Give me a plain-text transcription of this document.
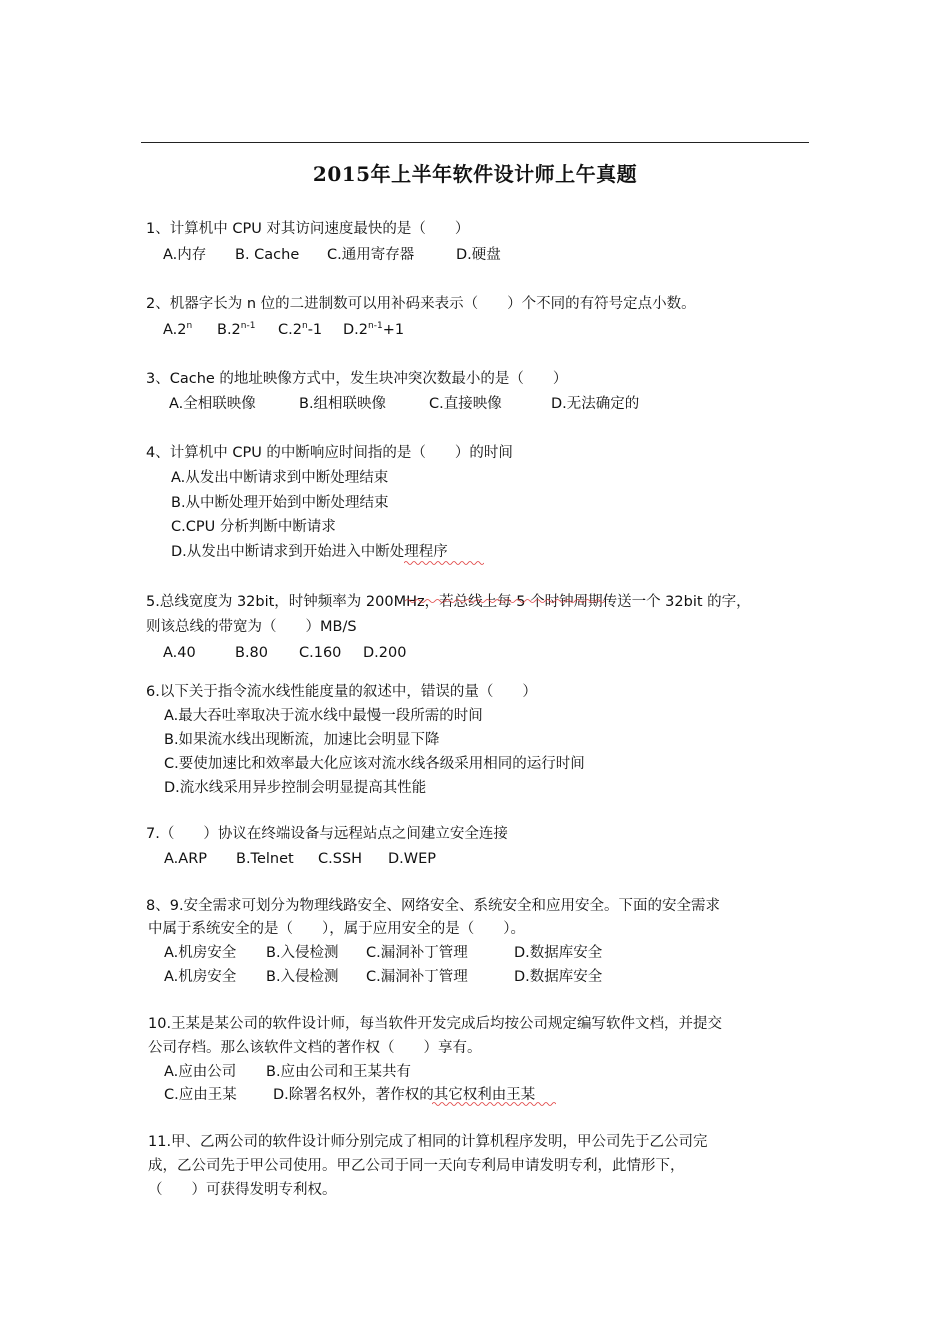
2015年上半年软件设计师上午真题
1、计算机中 CPU 对其访问速度最快的是（　　）
A.内存 B. Cache C.通用寄存器	D.硬盘
2、机器字长为 n 位的二进制数可以用补码来表示（　　）个不同的有符号定点小数。
A.2$^n$ B.2$^{n-1}$ C.2$^n$-1 $D.2^{n-1}+1$
3、Cache 的地址映像方式中，发生块冲突次数最小的是（　　）
A.全相联映像	B.组相联映像	C.直接映像	D.无法确定的
4、计算机中 CPU 的中断响应时间指的是（　　）的时间
A.从发出中断请求到中断处理结束
B.从中断处理开始到中断处理结束
C.CPU 分析判断中断请求
D.从发出中断请求到开始进入中断处理程序
5.总线宽度为 32bit，时钟频率为 200MHz，若总线上每 5 个时钟周期传送一个 32bit 的字，
则该总线的带宽为（　　）MB/S
A.40	B.80 C.160 D.200
6.以下关于指令流水线性能度量的叙述中，错误的量（　　）
A.最大吞吐率取决于流水线中最慢一段所需的时间
B.如果流水线出现断流，加速比会明显下降
C.要使加速比和效率最大化应该对流水线各级采用相同的运行时间
D.流水线采用异步控制会明显提高其性能
7.（　　）协议在终端设备与远程站点之间建立安全连接
A.ARP B.Telnet C.SSH D.WEP
8、9.安全需求可划分为物理线路安全、网络安全、系统安全和应用安全。下面的安全需求
中属于系统安全的是（　　），属于应用安全的是（　　）。
A.机房安全 B.入侵检测 C.漏洞补丁管理	D.数据库安全
A.机房安全 B.入侵检测 C.漏洞补丁管理	D.数据库安全
10.王某是某公司的软件设计师，每当软件开发完成后均按公司规定编写软件文档，并提交
公司存档。那么该软件文档的著作权（　　）享有。
A.应由公司 B.应由公司和王某共有
C.应由王某	D.除署名权外，著作权的其它权利由王某
11.甲、乙两公司的软件设计师分别完成了相同的计算机程序发明，甲公司先于乙公司完
成，乙公司先于甲公司使用。甲乙公司于同一天向专利局申请发明专利，此情形下，
（　　）可获得发明专利权。
